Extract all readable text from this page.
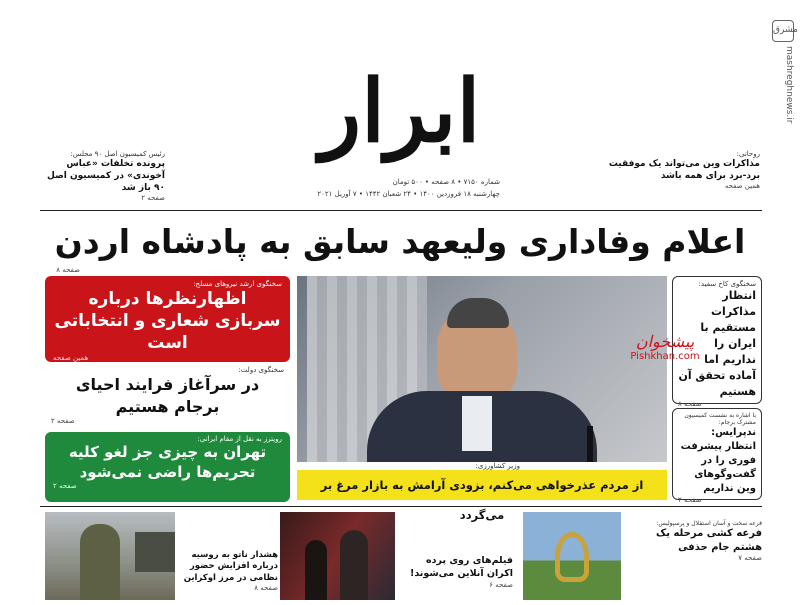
مشرق
mashreghnews.ir
ابرار
شماره ۷۱۵۰ • ۸ صفحه • ۵۰۰ تومان
چهارشنبه ۱۸ فروردین ۱۴۰۰ • ۲۴ شعبان ۱۴۴۲ • ۷ آوریل ۲۰۲۱
رئیس کمیسیون اصل ۹۰ مجلس:
پرونده تخلفات «عباس آخوندی» در کمیسیون اصل ۹۰ باز شد
صفحه ۲
روحانی:
مذاکرات وین می‌تواند یک موفقیت برد-برد برای همه باشد
همین صفحه
اعلام وفاداری ولیعهد سابق به پادشاه اردن
صفحه ۸
سخنگوی ارشد نیروهای مسلح:
اظهارنظرها درباره سربازی شعاری و انتخاباتی است
همین صفحه
سخنگوی دولت:
در سرآغاز فرایند احیای برجام هستیم
صفحه ۲
رویترز به نقل از مقام ایرانی:
تهران به چیزی جز لغو کلیه تحریم‌ها راضی نمی‌شود
صفحه ۲	از مردم عذرخواهی می‌کنم، بزودی آرامش به بازار مرغ بر می‌گردد
وزیر کشاورزی:
سخنگوی کاخ سفید:
انتظار مذاکرات مستقیم با ایران را نداریم اما آماده تحقق آن هستیم
صفحه ۸
پیشخوان
Pishkhan.com
با اشاره به نشست کمیسیون مشترک برجام:
ندپرایس: انتظار پیشرفت فوری را در گفت‌وگوهای وین نداریم
صفحه ۲
قرعه سخت و آسان استقلال و پرسپولیس:
فرعه کشی مرحله یک هشتم جام حذفی
صفحه ۷
فیلم‌های روی پرده اکران آنلاین می‌شوند!
صفحه ۶
هشدار ناتو به روسیه درباره افزایش حضور نظامی در مرز اوکراین
صفحه ۸
